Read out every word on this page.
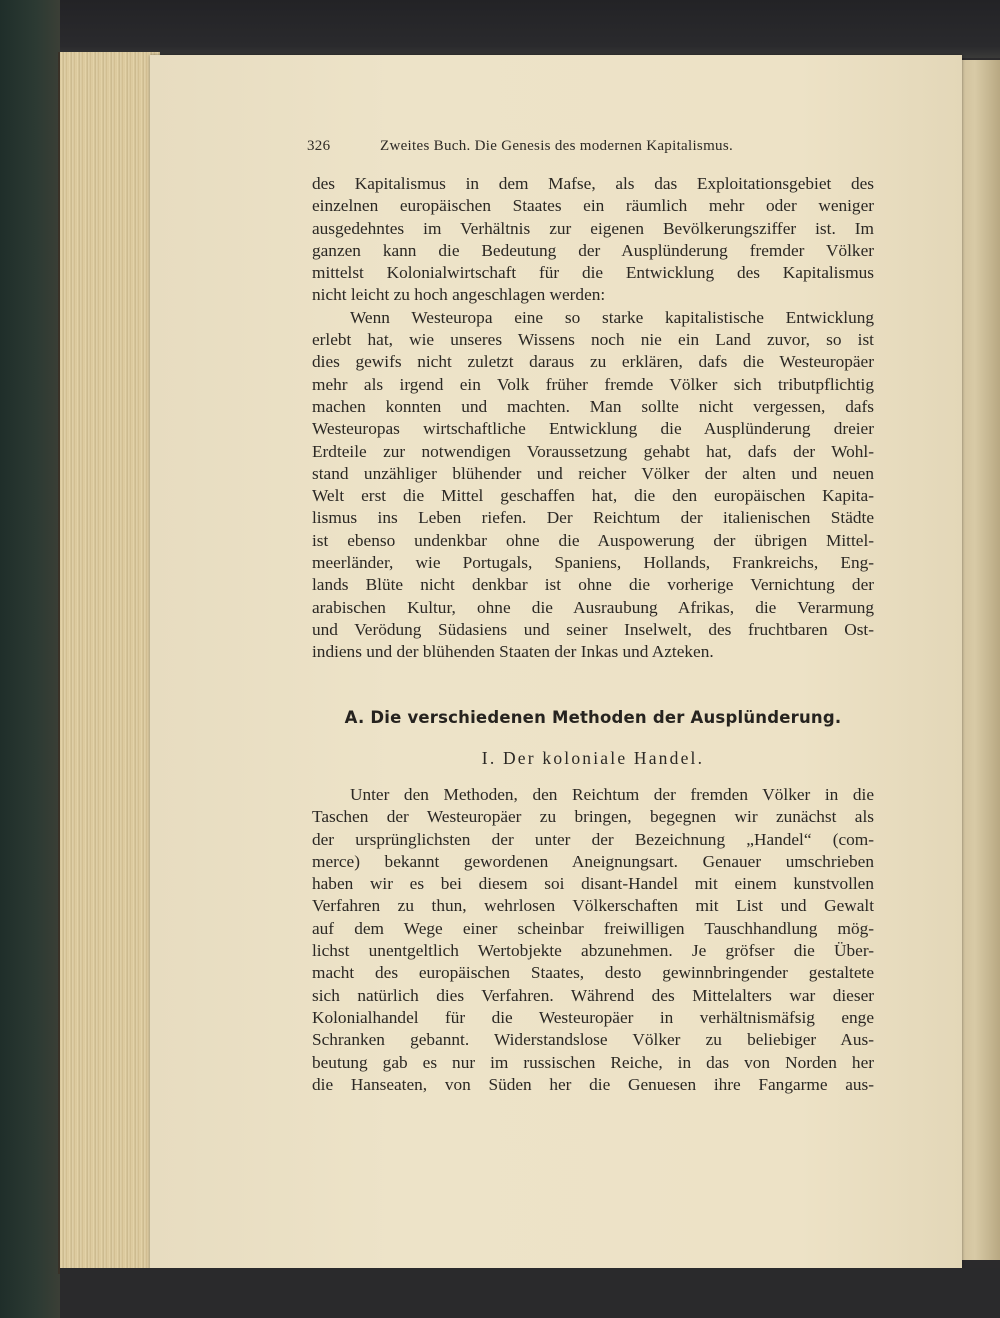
326	Zweites Buch. Die Genesis des modernen Kapitalismus.
des Kapitalismus in dem Mafse, als das Exploitationsgebiet des
einzelnen europäischen Staates ein räumlich mehr oder weniger
ausgedehntes im Verhältnis zur eigenen Bevölkerungsziffer ist. Im
ganzen kann die Bedeutung der Ausplünderung fremder Völker
mittelst Kolonialwirtschaft für die Entwicklung des Kapitalismus
nicht leicht zu hoch angeschlagen werden:
Wenn Westeuropa eine so starke kapitalistische Entwicklung
erlebt hat, wie unseres Wissens noch nie ein Land zuvor, so ist
dies gewifs nicht zuletzt daraus zu erklären, dafs die Westeuropäer
mehr als irgend ein Volk früher fremde Völker sich tributpflichtig
machen konnten und machten. Man sollte nicht vergessen, dafs
Westeuropas wirtschaftliche Entwicklung die Ausplünderung dreier
Erdteile zur notwendigen Voraussetzung gehabt hat, dafs der Wohl-
stand unzähliger blühender und reicher Völker der alten und neuen
Welt erst die Mittel geschaffen hat, die den europäischen Kapita-
lismus ins Leben riefen. Der Reichtum der italienischen Städte
ist ebenso undenkbar ohne die Auspowerung der übrigen Mittel-
meerländer, wie Portugals, Spaniens, Hollands, Frankreichs, Eng-
lands Blüte nicht denkbar ist ohne die vorherige Vernichtung der
arabischen Kultur, ohne die Ausraubung Afrikas, die Verarmung
und Verödung Südasiens und seiner Inselwelt, des fruchtbaren Ost-
indiens und der blühenden Staaten der Inkas und Azteken.
A. Die verschiedenen Methoden der Ausplünderung.
I. Der koloniale Handel.
Unter den Methoden, den Reichtum der fremden Völker in die
Taschen der Westeuropäer zu bringen, begegnen wir zunächst als
der ursprünglichsten der unter der Bezeichnung „Handel“ (com-
merce) bekannt gewordenen Aneignungsart. Genauer umschrieben
haben wir es bei diesem soi disant-Handel mit einem kunstvollen
Verfahren zu thun, wehrlosen Völkerschaften mit List und Gewalt
auf dem Wege einer scheinbar freiwilligen Tauschhandlung mög-
lichst unentgeltlich Wertobjekte abzunehmen. Je gröfser die Über-
macht des europäischen Staates, desto gewinnbringender gestaltete
sich natürlich dies Verfahren. Während des Mittelalters war dieser
Kolonialhandel für die Westeuropäer in verhältnismäfsig enge
Schranken gebannt. Widerstandslose Völker zu beliebiger Aus-
beutung gab es nur im russischen Reiche, in das von Norden her
die Hanseaten, von Süden her die Genuesen ihre Fangarme aus-
